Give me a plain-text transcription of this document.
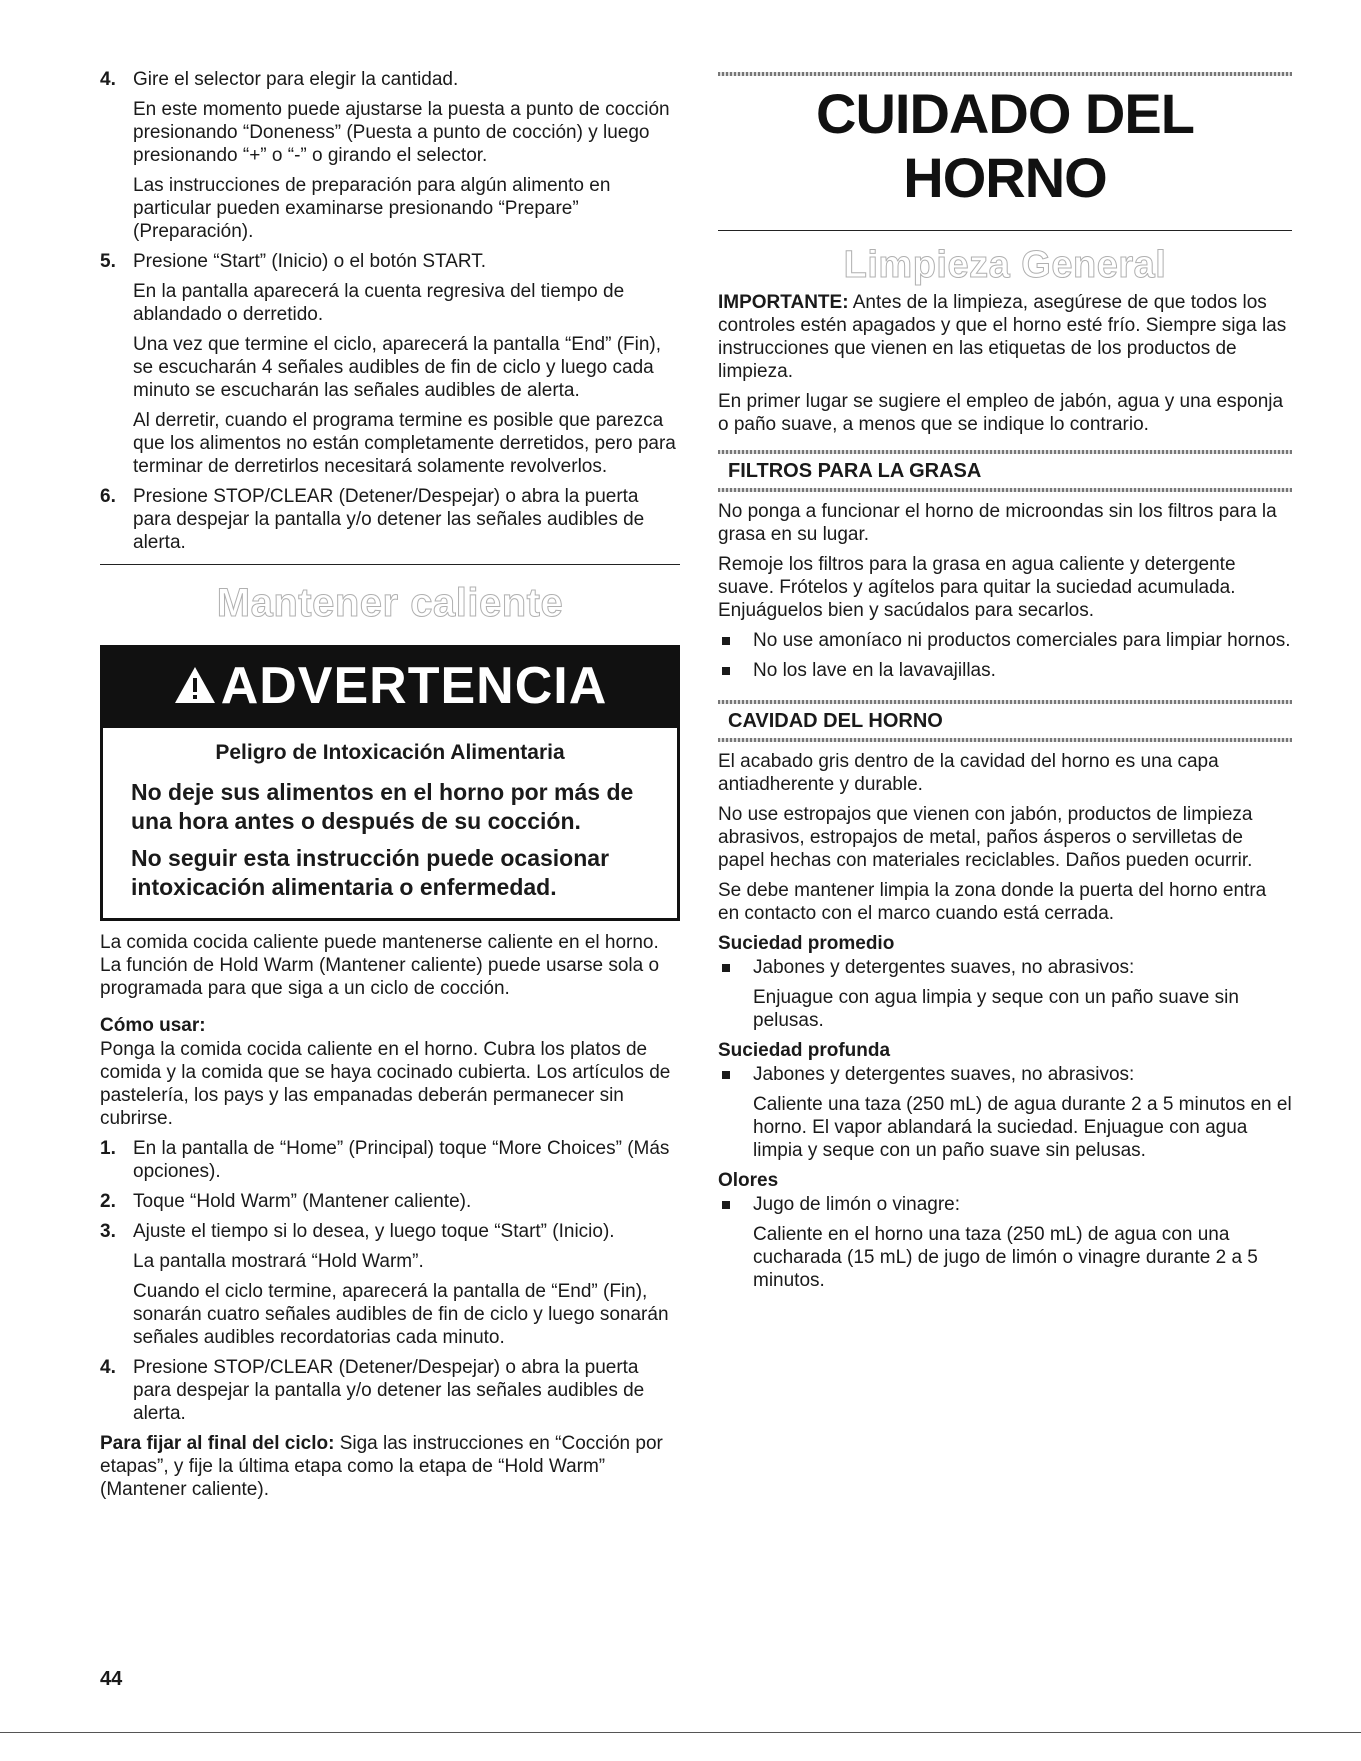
4. Gire el selector para elegir la cantidad.

En este momento puede ajustarse la puesta a punto de cocción presionando “Doneness” (Puesta a punto de cocción) y luego presionando “+” o “-” o girando el selector.

Las instrucciones de preparación para algún alimento en particular pueden examinarse presionando “Prepare” (Preparación).

5. Presione “Start” (Inicio) o el botón START.

En la pantalla aparecerá la cuenta regresiva del tiempo de ablandado o derretido.

Una vez que termine el ciclo, aparecerá la pantalla “End” (Fin), se escucharán 4 señales audibles de fin de ciclo y luego cada minuto se escucharán las señales audibles de alerta.

Al derretir, cuando el programa termine es posible que parezca que los alimentos no están completamente derretidos, pero para terminar de derretirlos necesitará solamente revolverlos.

6. Presione STOP/CLEAR (Detener/Despejar) o abra la puerta para despejar la pantalla y/o detener las señales audibles de alerta.
Mantener caliente
ADVERTENCIA

Peligro de Intoxicación Alimentaria

No deje sus alimentos en el horno por más de una hora antes o después de su cocción.

No seguir esta instrucción puede ocasionar intoxicación alimentaria o enfermedad.

La comida cocida caliente puede mantenerse caliente en el horno. La función de Hold Warm (Mantener caliente) puede usarse sola o programada para que siga a un ciclo de cocción.

Cómo usar:

Ponga la comida cocida caliente en el horno. Cubra los platos de comida y la comida que se haya cocinado cubierta. Los artículos de pastelería, los pays y las empanadas deberán permanecer sin cubrirse.

1. En la pantalla de “Home” (Principal) toque “More Choices” (Más opciones).
2. Toque “Hold Warm” (Mantener caliente).
3. Ajuste el tiempo si lo desea, y luego toque “Start” (Inicio).

La pantalla mostrará “Hold Warm”.

Cuando el ciclo termine, aparecerá la pantalla de “End” (Fin), sonarán cuatro señales audibles de fin de ciclo y luego sonarán señales audibles recordatorias cada minuto.

4. Presione STOP/CLEAR (Detener/Despejar) o abra la puerta para despejar la pantalla y/o detener las señales audibles de alerta.

Para fijar al final del ciclo: Siga las instrucciones en “Cocción por etapas”, y fije la última etapa como la etapa de “Hold Warm” (Mantener caliente).

CUIDADO DEL HORNO
Limpieza General

IMPORTANTE: Antes de la limpieza, asegúrese de que todos los controles estén apagados y que el horno esté frío. Siempre siga las instrucciones que vienen en las etiquetas de los productos de limpieza.

En primer lugar se sugiere el empleo de jabón, agua y una esponja o paño suave, a menos que se indique lo contrario.

FILTROS PARA LA GRASA

No ponga a funcionar el horno de microondas sin los filtros para la grasa en su lugar.

Remoje los filtros para la grasa en agua caliente y detergente suave. Frótelos y agítelos para quitar la suciedad acumulada. Enjuáguelos bien y sacúdalos para secarlos.

No use amoníaco ni productos comerciales para limpiar hornos.
No los lave en la lavavajillas.
CAVIDAD DEL HORNO

El acabado gris dentro de la cavidad del horno es una capa antiadherente y durable.

No use estropajos que vienen con jabón, productos de limpieza abrasivos, estropajos de metal, paños ásperos o servilletas de papel hechas con materiales reciclables. Daños pueden ocurrir.

Se debe mantener limpia la zona donde la puerta del horno entra en contacto con el marco cuando está cerrada.

Suciedad promedio

Jabones y detergentes suaves, no abrasivos:

Enjuague con agua limpia y seque con un paño suave sin pelusas.

Suciedad profunda

Jabones y detergentes suaves, no abrasivos:

Caliente una taza (250 mL) de agua durante 2 a 5 minutos en el horno. El vapor ablandará la suciedad. Enjuague con agua limpia y seque con un paño suave sin pelusas.

Olores

Jugo de limón o vinagre:

Caliente en el horno una taza (250 mL) de agua con una cucharada (15 mL) de jugo de limón o vinagre durante 2 a 5 minutos.

44
